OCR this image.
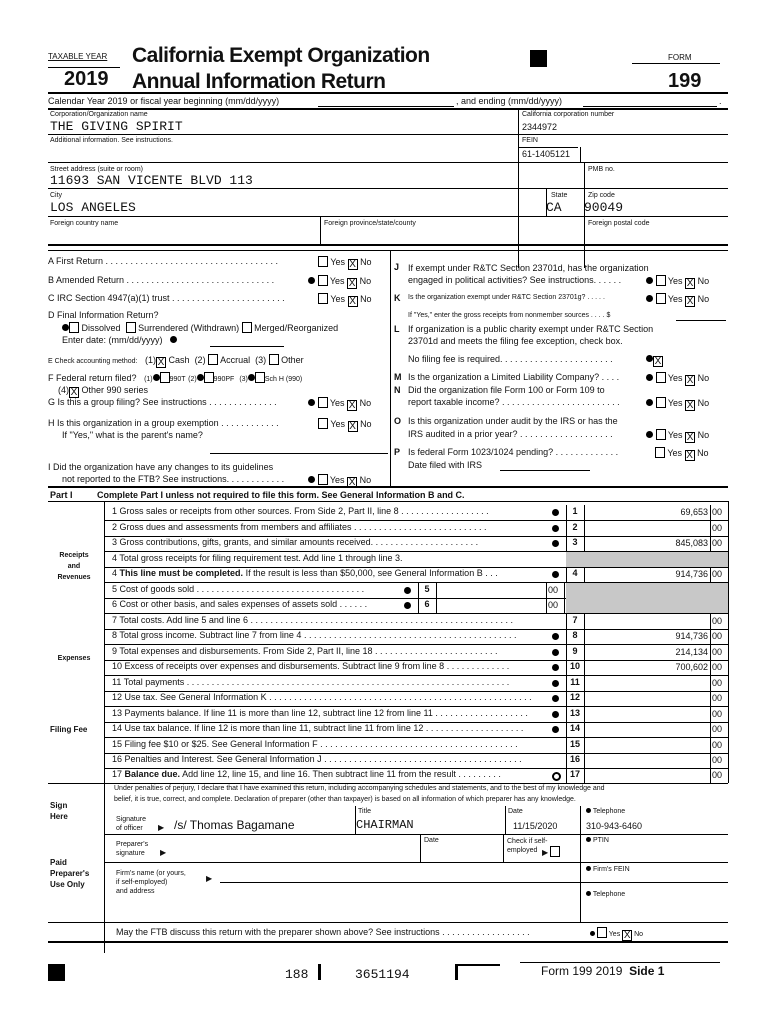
TAXABLE YEAR
2019
California Exempt Organization
Annual Information Return
FORM
199
Calendar Year 2019 or fiscal year beginning (mm/dd/yyyy)	, and ending (mm/dd/yyyy)	.
Corporation/Organization name
THE GIVING SPIRIT
California corporation number
2344972
Additional information. See instructions.	FEIN
61-1405121
Street address (suite or room)
11693 SAN VICENTE BLVD 113
PMB no.
City
LOS ANGELES
State
CA
Zip code
90049
Foreign country name	Foreign province/state/county	Foreign postal code
A First Return . . . . . . . . . . . . . . . . . . . . . . . . . . . . . . . . . . .	Yes X No
B Amended Return . . . . . . . . . . . . . . . . . . . . . . . . . . . . . .	Yes X No
C IRC Section 4947(a)(1) trust . . . . . . . . . . . . . . . . . . . . . . .	Yes X No
D Final Information Return?
Dissolved Surrendered (Withdrawn) Merged/Reorganized
Enter date: (mm/dd/yyyy)
E Check accounting method: (1) X Cash (2) Accrual (3) Other
F Federal return filed? (1) 990T (2) 990PF (3) Sch H (990)
(4) X Other 990 series
G Is this a group filing? See instructions . . . . . . . . . . . . . .	Yes X No
H Is this organization in a group exemption . . . . . . . . . . . .	Yes X No
If "Yes," what is the parent's name?
I Did the organization have any changes to its guidelines
not reported to the FTB? See instructions. . . . . . . . . . . .	Yes X No
J If exempt under R&TC Section 23701d, has the organization
engaged in political activities? See instructions. . . . . .	Yes X No
K Is the organization exempt under R&TC Section 23701g? . . . . .	Yes X No
If "Yes," enter the gross receipts from nonmember sources . . . . $
L If organization is a public charity exempt under R&TC Section
23701d and meets the filing fee exception, check box.
No filing fee is required. . . . . . . . . . . . . . . . . . . . . . .	X
M Is the organization a Limited Liability Company? . . . .	Yes X No
N Did the organization file Form 100 or Form 109 to
report taxable income? . . . . . . . . . . . . . . . . . . . . . . . .	Yes X No
O Is this organization under audit by the IRS or has the
IRS audited in a prior year? . . . . . . . . . . . . . . . . . . .	Yes X No
P Is federal Form 1023/1024 pending? . . . . . . . . . . . . .	Yes X No
Date filed with IRS
Part I	Complete Part I unless not required to file this form. See General Information B and C.
Receipts
and
Revenues
Expenses
Filing Fee
1 Gross sales or receipts from other sources. From Side 2, Part II, line 8 . . . . . . . . . . . . . . . . . .	1	69,653 00
2 Gross dues and assessments from members and affiliates . . . . . . . . . . . . . . . . . . . . . . . . . . .	2	00
3 Gross contributions, gifts, grants, and similar amounts received. . . . . . . . . . . . . . . . . . . . . .	3	845,083 00
4 Total gross receipts for filing requirement test. Add line 1 through line 3.
4 This line must be completed. If the result is less than $50,000, see General Information B . . .	4	914,736 00
5 Cost of goods sold . . . . . . . . . . . . . . . . . . . . . . . . . . . . . . . . . .	5	00
6 Cost or other basis, and sales expenses of assets sold . . . . . .	6	00
7 Total costs. Add line 5 and line 6 . . . . . . . . . . . . . . . . . . . . . . . . . . . . . . . . . . . . . . . . . . . . . . . . . . . . .	7	00
8 Total gross income. Subtract line 7 from line 4 . . . . . . . . . . . . . . . . . . . . . . . . . . . . . . . . . . . . . . . . . . .	8	914,736 00
9 Total expenses and disbursements. From Side 2, Part II, line 18 . . . . . . . . . . . . . . . . . . . . . . . . .	9	214,134 00
10 Excess of receipts over expenses and disbursements. Subtract line 9 from line 8 . . . . . . . . . . . . .	10	700,602 00
11 Total payments . . . . . . . . . . . . . . . . . . . . . . . . . . . . . . . . . . . . . . . . . . . . . . . . . . . . . . . . . . . . . . . . .	11	00
12 Use tax. See General Information K . . . . . . . . . . . . . . . . . . . . . . . . . . . . . . . . . . . . . . . . . . . . . . . . . . . . .	12	00
13 Payments balance. If line 11 is more than line 12, subtract line 12 from line 11 . . . . . . . . . . . . . . . . . . .	13	00
14 Use tax balance. If line 12 is more than line 11, subtract line 11 from line 12 . . . . . . . . . . . . . . . . . . . .	14	00
15 Filing fee $10 or $25. See General Information F . . . . . . . . . . . . . . . . . . . . . . . . . . . . . . . . . . . . . . . .	15	00
16 Penalties and Interest. See General Information J . . . . . . . . . . . . . . . . . . . . . . . . . . . . . . . . . . . . . . . .	16	00
17 Balance due. Add line 12, line 15, and line 16. Then subtract line 11 from the result . . . . . . . . .	17	00
Under penalties of perjury, I declare that I have examined this return, including accompanying schedules and statements, and to the best of my knowledge and
belief, it is true, correct, and complete. Declaration of preparer (other than taxpayer) is based on all information of which preparer has any knowledge.
Sign
Here	Signature
of officer	▶ /s/ Thomas Bagamane
Title
CHAIRMAN
Date
11/15/2020
Telephone
310-943-6460
Paid
Preparer's
Use Only
Preparer's
signature	▶
Date	Check if self-
employed ▶
PTIN
Firm's name (or yours,
if self-employed)
and address
▶
Firm's FEIN
Telephone
May the FTB discuss this return with the preparer shown above? See instructions . . . . . . . . . . . . . . . . . .	Yes X No
188	3651194	Form 199 2019 Side 1
